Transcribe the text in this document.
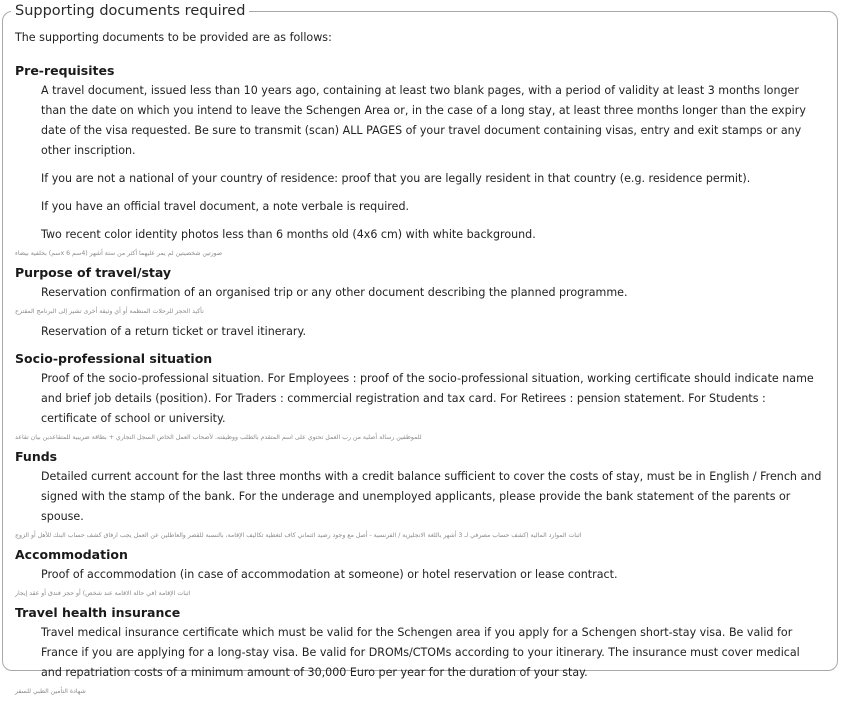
Supporting documents required
The supporting documents to be provided are as follows:
Pre-requisites
A travel document, issued less than 10 years ago, containing at least two blank pages, with a period of validity at least 3 months longer than the date on which you intend to leave the Schengen Area or, in the case of a long stay, at least three months longer than the expiry date of the visa requested. Be sure to transmit (scan) ALL PAGES of your travel document containing visas, entry and exit stamps or any other inscription.
If you are not a national of your country of residence: proof that you are legally resident in that country (e.g. residence permit).
If you have an official travel document, a note verbale is required.
Two recent color identity photos less than 6 months old (4x6 cm) with white background.
صورتين شخصيتين لم يمر عليهما أكثر من ستة أشهر (4سم x 6سم) بخلفية بيضاء
Purpose of travel/stay
Reservation confirmation of an organised trip or any other document describing the planned programme.
تأكيد الحجز للرحلات المنظمة أو أي وثيقة أخرى تشير إلى البرنامج المقترح
Reservation of a return ticket or travel itinerary.
Socio-professional situation
Proof of the socio-professional situation. For Employees : proof of the socio-professional situation, working certificate should indicate name and brief job details (position). For Traders : commercial registration and tax card. For Retirees : pension statement. For Students : certificate of school or university.
للموظفين رسالة أصلية من رب العمل تحتوي على اسم المتقدم بالطلب ووظيفته. لأصحاب العمل الخاص السجل التجاري + بطاقة ضريبية للمتقاعدين بيان تقاعد
Funds
Detailed current account for the last three months with a credit balance sufficient to cover the costs of stay, must be in English / French and signed with the stamp of the bank. For the underage and unemployed applicants, please provide the bank statement of the parents or spouse.
اثبات الموارد المالية (كشف حساب مصرفي لـ 3 أشهر باللغة الانجليزية / الفرنسية - أصل مع وجود رصيد ائتماني كاف لتغطية تكاليف الإقامة، بالنسبة للقصر والعاطلين عن العمل يجب ارفاق كشف حساب البنك للأهل أو الزوج
Accommodation
Proof of accommodation (in case of accommodation at someone) or hotel reservation or lease contract.
اثبات الإقامة (في حالة الاقامة عند شخص) أو حجز فندق أو عقد إيجار
Travel health insurance
Travel medical insurance certificate which must be valid for the Schengen area if you apply for a Schengen short-stay visa. Be valid for France if you are applying for a long-stay visa. Be valid for DROMs/CTOMs according to your itinerary. The insurance must cover medical and repatriation costs of a minimum amount of 30,000 Euro per year for the duration of your stay.
شهادة التأمين الطبي للسفر
